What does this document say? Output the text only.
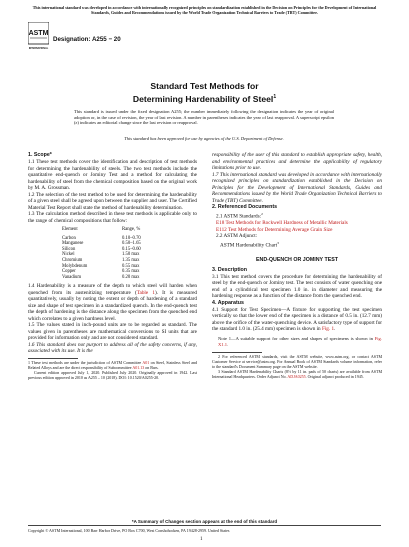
This international standard was developed in accordance with internationally recognized principles on standardization established in the Decision on Principles for the Development of International Standards, Guides and Recommendations issued by the World Trade Organization Technical Barriers to Trade (TBT) Committee.
ASTM
INTERNATIONAL
Designation: A255 − 20
Standard Test Methods for
Determining Hardenability of Steel$^1$
This standard is issued under the fixed designation A255; the number immediately following the designation indicates the year of original adoption or, in the case of revision, the year of last revision. A number in parentheses indicates the year of last reapproval. A superscript epsilon (ε) indicates an editorial change since the last revision or reapproval.
This standard has been approved for use by agencies of the U.S. Department of Defense.
1. Scope*

1.1 These test methods cover the identification and description of test methods for determining the hardenability of steels. The two test methods include the quantitative end-quench or Jominy Test and a method for calculating the hardenability of steel from the chemical composition based on the original work by M. A. Grossman.

1.2 The selection of the test method to be used for determining the hardenability of a given steel shall be agreed upon between the supplier and user. The Certified Material Test Report shall state the method of hardenability determination.

1.3 The calculation method described in these test methods is applicable only to the range of chemical compositions that follow:

Element	Range, %

Carbon	0.10–0.70
Manganese	0.50–1.65
Silicon	0.15–0.60
Nickel	1.50 max
Chromium	1.35 max
Molybdenum	0.55 max
Copper	0.35 max
Vanadium	0.20 max

1.4 Hardenability is a measure of the depth to which steel will harden when quenched from its austenitizing temperature (Table 1). It is measured quantitatively, usually by noting the extent or depth of hardening of a standard size and shape of test specimen in a standardized quench. In the end-quench test the depth of hardening is the distance along the specimen from the quenched end which correlates to a given hardness level.

1.5 The values stated in inch-pound units are to be regarded as standard. The values given in parentheses are mathematical conversions to SI units that are provided for information only and are not considered standard.

1.6 This standard does not purport to address all of the safety concerns, if any, associated with its use. It is the

1 These test methods are under the jurisdiction of ASTM Committee A01 on Steel, Stainless Steel and Related Alloys and are the direct responsibility of Subcommittee A01.13 on Bars.

Current edition approved July 1, 2020. Published July 2020. Originally approved in 1942. Last previous edition approved in 2010 as A255 – 10 (2018). DOI: 10.1520/A0255-20.

responsibility of the user of this standard to establish appropriate safety, health, and environmental practices and determine the applicability of regulatory limitations prior to use.

1.7 This international standard was developed in accordance with internationally recognized principles on standardization established in the Decision on Principles for the Development of International Standards, Guides and Recommendations issued by the World Trade Organization Technical Barriers to Trade (TBT) Committee.

2. Referenced Documents

2.1 ASTM Standards:$^2$

E18 Test Methods for Rockwell Hardness of Metallic Materials

E112 Test Methods for Determining Average Grain Size

2.2 ASTM Adjunct:

ASTM Hardenability Chart$^3$

END-QUENCH OR JOMINY TEST
3. Description

3.1 This test method covers the procedure for determining the hardenability of steel by the end-quench or Jominy test. The test consists of water quenching one end of a cylindrical test specimen 1.0 in. in diameter and measuring the hardening response as a function of the distance from the quenched end.

4. Apparatus

4.1 Support for Test Specimen—A fixture for supporting the test specimen vertically so that the lower end of the specimen is a distance of 0.5 in. (12.7 mm) above the orifice of the water-quenching device. A satisfactory type of support for the standard 1.0 in. (25.4 mm) specimen is shown in Fig. 1.

Note 1—A suitable support for other sizes and shapes of specimens is shown in Fig. X1.1.

2 For referenced ASTM standards, visit the ASTM website, www.astm.org, or contact ASTM Customer Service at service@astm.org. For Annual Book of ASTM Standards volume information, refer to the standard's Document Summary page on the ASTM website.

3 Standard ASTM Hardenability Charts (8½ by 11 in. pads of 50 charts) are available from ASTM International Headquarters. Order Adjunct No. ADJA0255. Original adjunct produced in 1945.

*A Summary of Changes section appears at the end of this standard
Copyright © ASTM International, 100 Barr Harbor Drive, PO Box C700, West Conshohocken, PA 19428-2959. United States
1
